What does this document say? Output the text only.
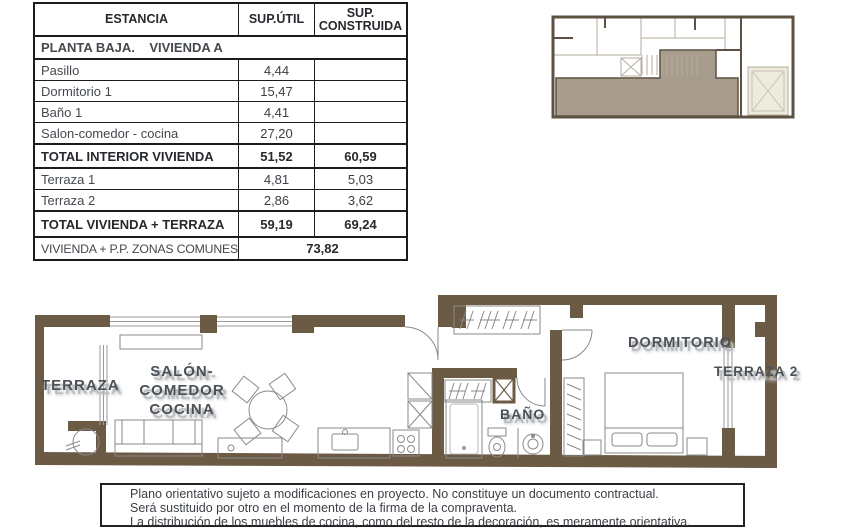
ESTANCIA	SUP.ÚTIL	SUP. CONSTRUIDA
PLANTA BAJA.    VIVIENDA A
Pasillo	4,44
Dormitorio 1	15,47
Baño 1	4,41
Salon-comedor - cocina	27,20
TOTAL INTERIOR VIVIENDA	51,52	60,59
Terraza 1	4,81	5,03
Terraza 2	2,86	3,62
TOTAL VIVIENDA + TERRAZA	59,19	69,24
VIVIENDA + P.P. ZONAS COMUNES	73,82
TERRAZA
SALÓN-COMEDOR
COCINA	BAÑO
DORMITORIO
TERRAZA 2
Plano orientativo sujeto a modificaciones en proyecto. No constituye un documento contractual.
Será sustituido por otro en el momento de la firma de la compraventa.
La distribución de los muebles de cocina, como del resto de la decoración, es meramente orientativa.
